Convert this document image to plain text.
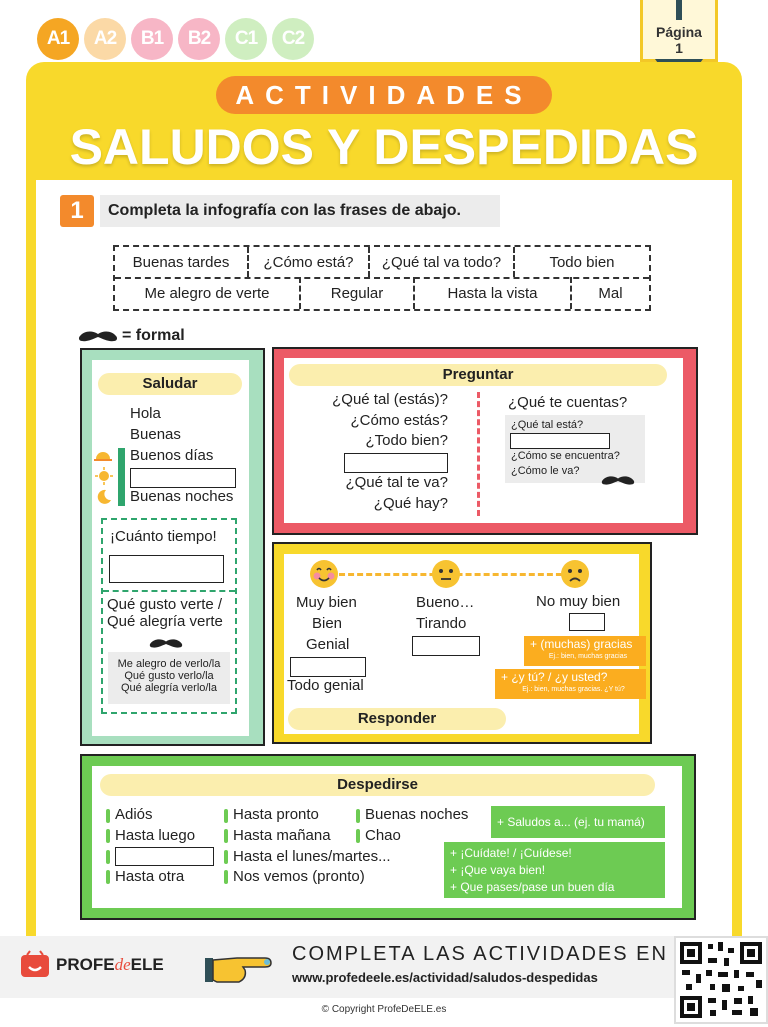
A1	A2	B1	B2	C1	C2	Página
1
ACTIVIDADES
SALUDOS Y DESPEDIDAS
1	Completa la infografía con las frases de abajo.
Buenas tardes	¿Cómo está?	¿Qué tal va todo?	Todo bien
Me alegro de verte	Regular	Hasta la vista	Mal
= formal
Saludar
Hola
Buenas
Buenos días
Buenas noches
¡Cuánto tiempo!
Qué gusto verte /
Qué alegría verte
Me alegro de verlo/la
Qué gusto verlo/la
Qué alegría verlo/la
Preguntar
¿Qué tal (estás)?
¿Cómo estás?
¿Todo bien?
¿Qué tal te va?
¿Qué hay?
¿Qué te cuentas?
¿Qué tal está?
¿Cómo se encuentra?
¿Cómo le va?
Muy bien
Bien
Genial
Todo genial
Bueno…
Tirando
No muy bien
+ (muchas) gracias
Ej.: bien, muchas gracias
+ ¿y tú? / ¿y usted?
Ej.: bien, muchas gracias. ¿Y tú?
Responder
Despedirse
Adiós
Hasta luego
Hasta otra
Hasta pronto
Hasta mañana
Hasta el lunes/martes...
Nos vemos (pronto)
Buenas noches
Chao
+ Saludos a... (ej. tu mamá)
+ ¡Cuídate! / ¡Cuídese!
+ ¡Que vaya bien!
+ Que pases/pase un buen día
PROFEdeELE	COMPLETA LAS ACTIVIDADES EN
www.profedeele.es/actividad/saludos-despedidas
© Copyright ProfeDeELE.es
